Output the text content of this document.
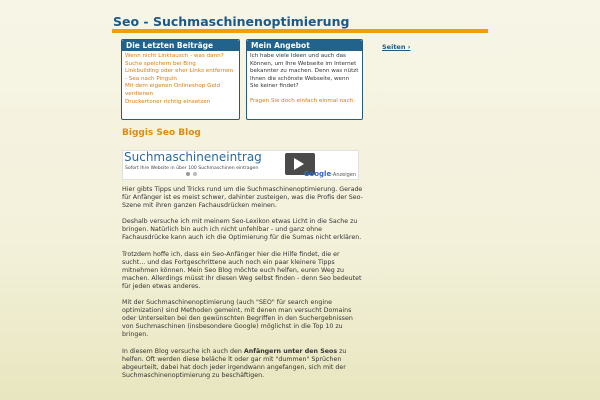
Seo - Suchmaschinenoptimierung
Die Letzten Beiträge
Wenn nicht Linktausch - was dann?
Suche speichern bei Bing
Linkbuilding oder eher Links entfernen - Sea nach Pinguin
Mit dem eigenen Onlineshop Geld verdienen
Druckertoner richtig einsetzen
Mein Angebot
Ich habe viele Ideen und auch das Können, um Ihre Webseite im Internet bekannter zu machen. Denn was nützt Ihnen die schönste Webseite, wenn Sie keiner findet?
Fragen Sie doch einfach einmal nach.
Seiten ›
Biggis Seo Blog
Suchmaschineneintrag
Sofort Ihre Website in über 100 Suchmaschinen eintragen
Google-Anzeigen

Hier gibts Tipps und Tricks rund um die Suchmaschinenoptimierung. Gerade für Anfänger ist es meist schwer, dahinter zusteigen, was die Profis der Seo-Szene mit ihren ganzen Fachausdrücken meinen.

Deshalb versuche ich mit meinem Seo-Lexikon etwas Licht in die Sache zu bringen. Natürlich bin auch ich nicht unfehlbar - und ganz ohne Fachausdrücke kann auch ich die Optimierung für die Sumas nicht erklären.

Trotzdem hoffe ich, dass ein Seo-Anfänger hier die Hilfe findet, die er sucht... und das Fortgeschrittene auch noch ein paar kleinere Tipps mitnehmen können. Mein Seo Blog möchte euch helfen, euren Weg zu machen. Allerdings müsst Ihr diesen Weg selbst finden - denn Seo bedeutet für jeden etwas anderes.

Mit der Suchmaschinenoptimierung (auch "SEO" für search engine optimization) sind Methoden gemeint, mit denen man versucht Domains oder Unterseiten bei den gewünschten Begriffen in den Suchergebnissen von Suchmaschinen (insbesondere Google) möglichst in die Top 10 zu bringen.

In diesem Blog versuche ich auch den Anfängern unter den Seos zu helfen. Oft werden diese beläche lt oder gar mit "dummen" Sprüchen abgeurteilt, dabei hat doch jeder irgendwann angefangen, sich mit der Suchmaschinenoptimierung zu beschäftigen.
